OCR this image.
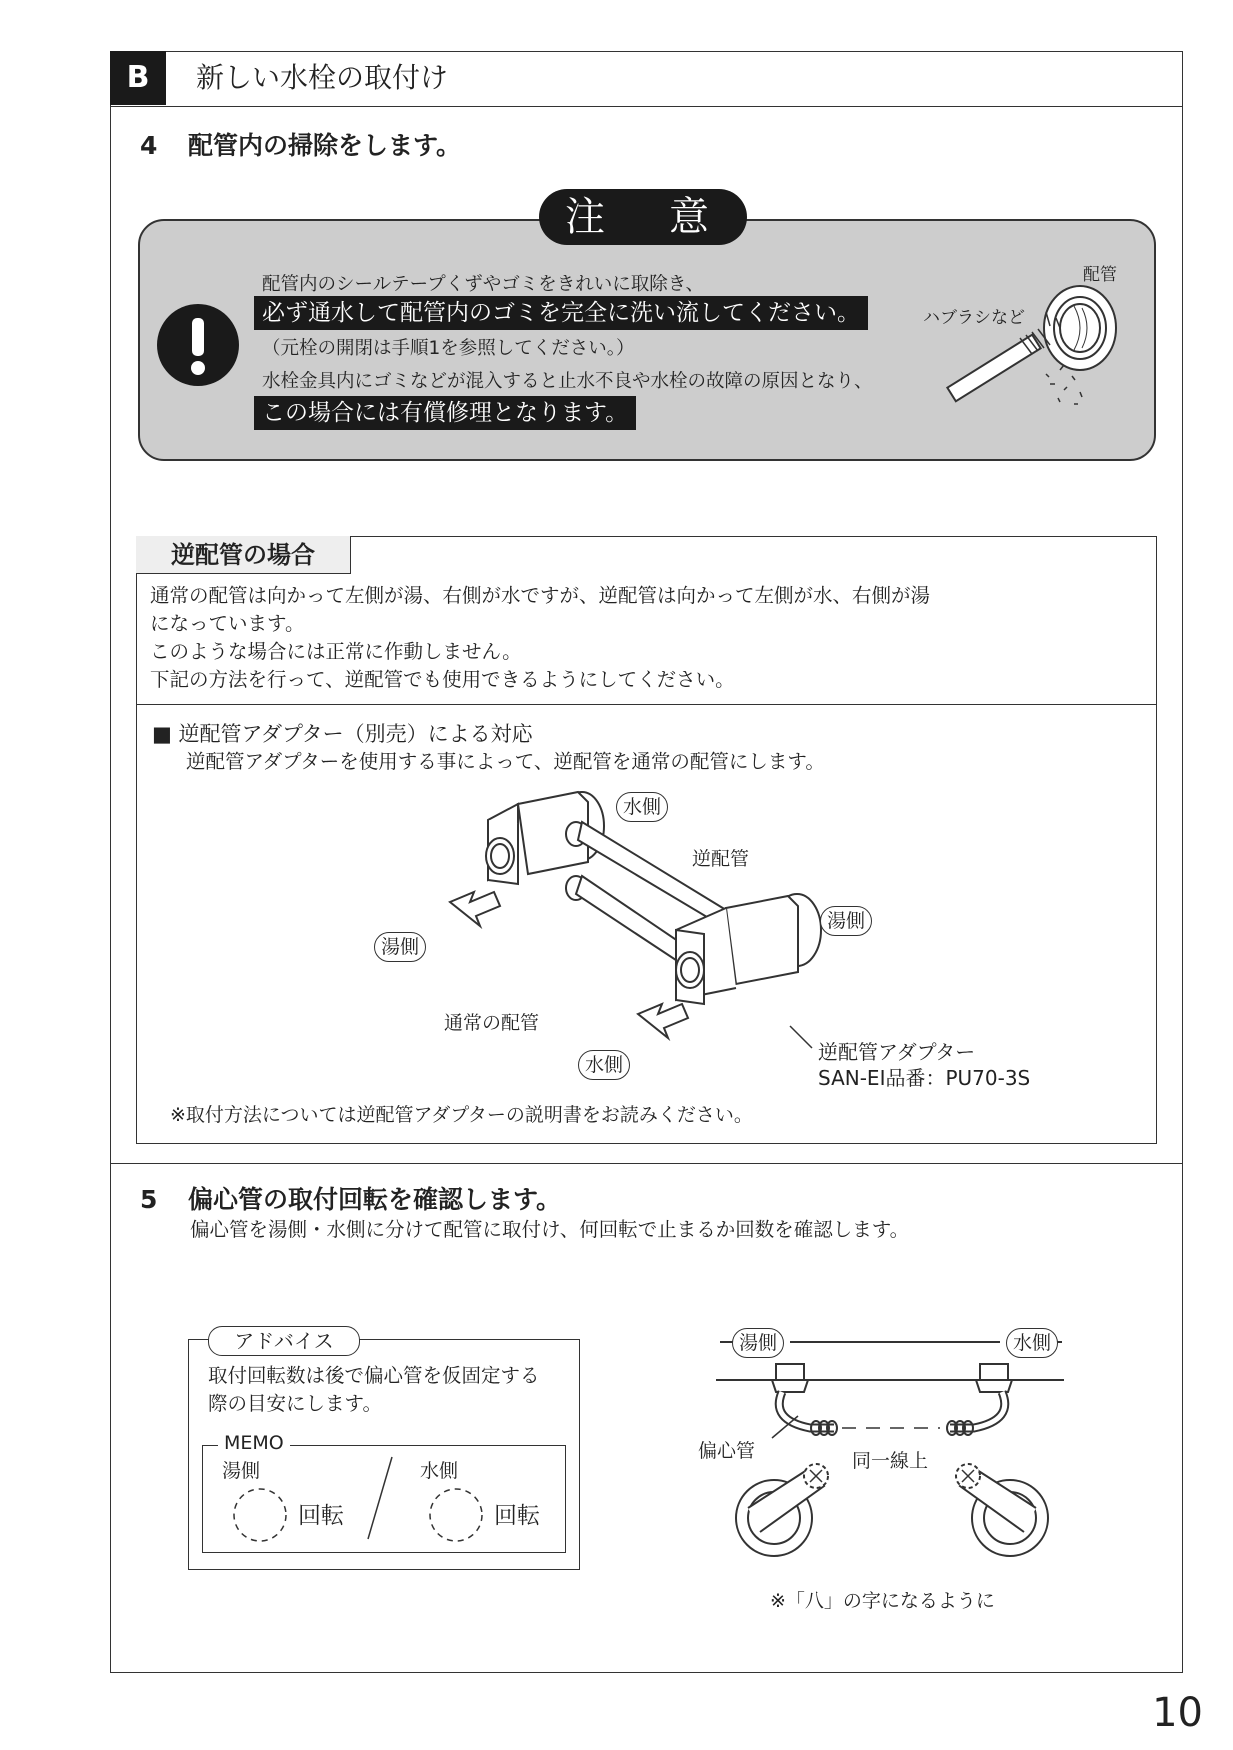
B	新しい水栓の取付け
4 配管内の掃除をします。
注　意
配管内のシールテープくずやゴミをきれいに取除き、
必ず通水して配管内のゴミを完全に洗い流してください。
（元栓の開閉は手順1を参照してください。）
水栓金具内にゴミなどが混入すると止水不良や水栓の故障の原因となり、
この場合には有償修理となります。
配管
ハブラシなど
逆配管の場合
通常の配管は向かって左側が湯、右側が水ですが、逆配管は向かって左側が水、右側が湯
になっています。
このような場合には正常に作動しません。
下記の方法を行って、逆配管でも使用できるようにしてください。
■ 逆配管アダプター（別売）による対応
逆配管アダプターを使用する事によって、逆配管を通常の配管にします。
水側
逆配管
湯側
湯側
通常の配管
水側
逆配管アダプター
SAN-EI品番：PU70-3S
※取付方法については逆配管アダプターの説明書をお読みください。
5 偏心管の取付回転を確認します。
偏心管を湯側・水側に分けて配管に取付け、何回転で止まるか回数を確認します。
アドバイス
取付回転数は後で偏心管を仮固定する
際の目安にします。
MEMO
湯側	水側
回転	回転
湯側	水側
偏心管	同一線上
※「八」の字になるように
10
